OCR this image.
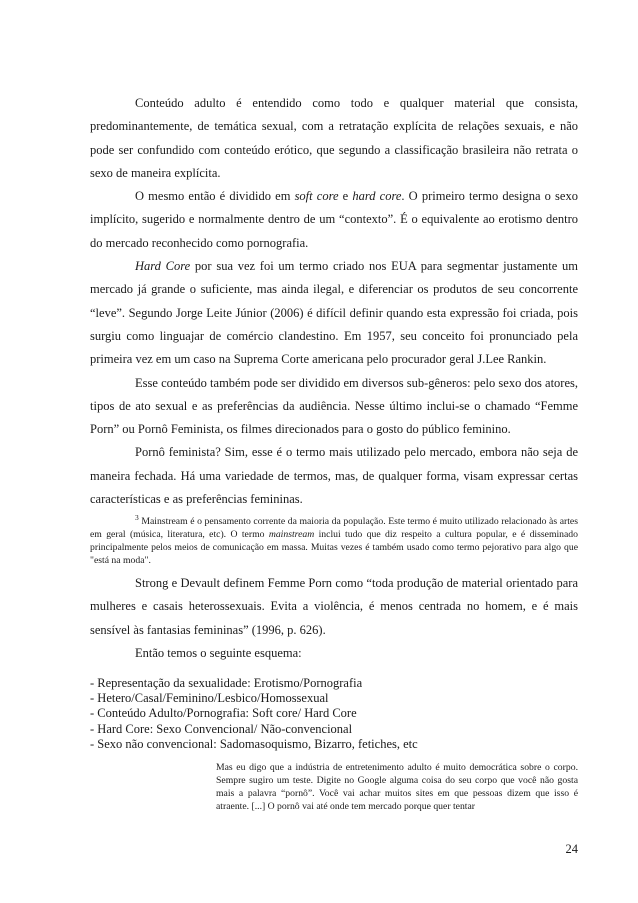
Conteúdo adulto é entendido como todo e qualquer material que consista, predominantemente, de temática sexual, com a retratação explícita de relações sexuais, e não pode ser confundido com conteúdo erótico, que segundo a classificação brasileira não retrata o sexo de maneira explícita.

O mesmo então é dividido em soft core e hard core. O primeiro termo designa o sexo implícito, sugerido e normalmente dentro de um “contexto”. É o equivalente ao erotismo dentro do mercado reconhecido como pornografia.

Hard Core por sua vez foi um termo criado nos EUA para segmentar justamente um mercado já grande o suficiente, mas ainda ilegal, e diferenciar os produtos de seu concorrente “leve”. Segundo Jorge Leite Júnior (2006) é difícil definir quando esta expressão foi criada, pois surgiu como linguajar de comércio clandestino. Em 1957, seu conceito foi pronunciado pela primeira vez em um caso na Suprema Corte americana pelo procurador geral J.Lee Rankin.

Esse conteúdo também pode ser dividido em diversos sub-gêneros: pelo sexo dos atores, tipos de ato sexual e as preferências da audiência. Nesse último inclui-se o chamado “Femme Porn” ou Pornô Feminista, os filmes direcionados para o gosto do público feminino.

Pornô feminista? Sim, esse é o termo mais utilizado pelo mercado, embora não seja de maneira fechada. Há uma variedade de termos, mas, de qualquer forma, visam expressar certas características e as preferências femininas.

$^3$ Mainstream é o pensamento corrente da maioria da população. Este termo é muito utilizado relacionado às artes em geral (música, literatura, etc). O termo mainstream inclui tudo que diz respeito a cultura popular, e é disseminado principalmente pelos meios de comunicação em massa. Muitas vezes é também usado como termo pejorativo para algo que "está na moda".

Strong e Devault definem Femme Porn como “toda produção de material orientado para mulheres e casais heterossexuais. Evita a violência, é menos centrada no homem, e é mais sensível às fantasias femininas” (1996, p. 626).

Então temos o seguinte esquema:

- Representação da sexualidade: Erotismo/Pornografia
- Hetero/Casal/Feminino/Lesbico/Homossexual
- Conteúdo Adulto/Pornografia: Soft core/ Hard Core
- Hard Core: Sexo Convencional/ Não-convencional
- Sexo não convencional: Sadomasoquismo, Bizarro, fetiches, etc
Mas eu digo que a indústria de entretenimento adulto é muito democrática sobre o corpo. Sempre sugiro um teste. Digite no Google alguma coisa do seu corpo que você não gosta mais a palavra “pornô”. Você vai achar muitos sites em que pessoas dizem que isso é atraente. [...] O pornô vai até onde tem mercado porque quer tentar
24
